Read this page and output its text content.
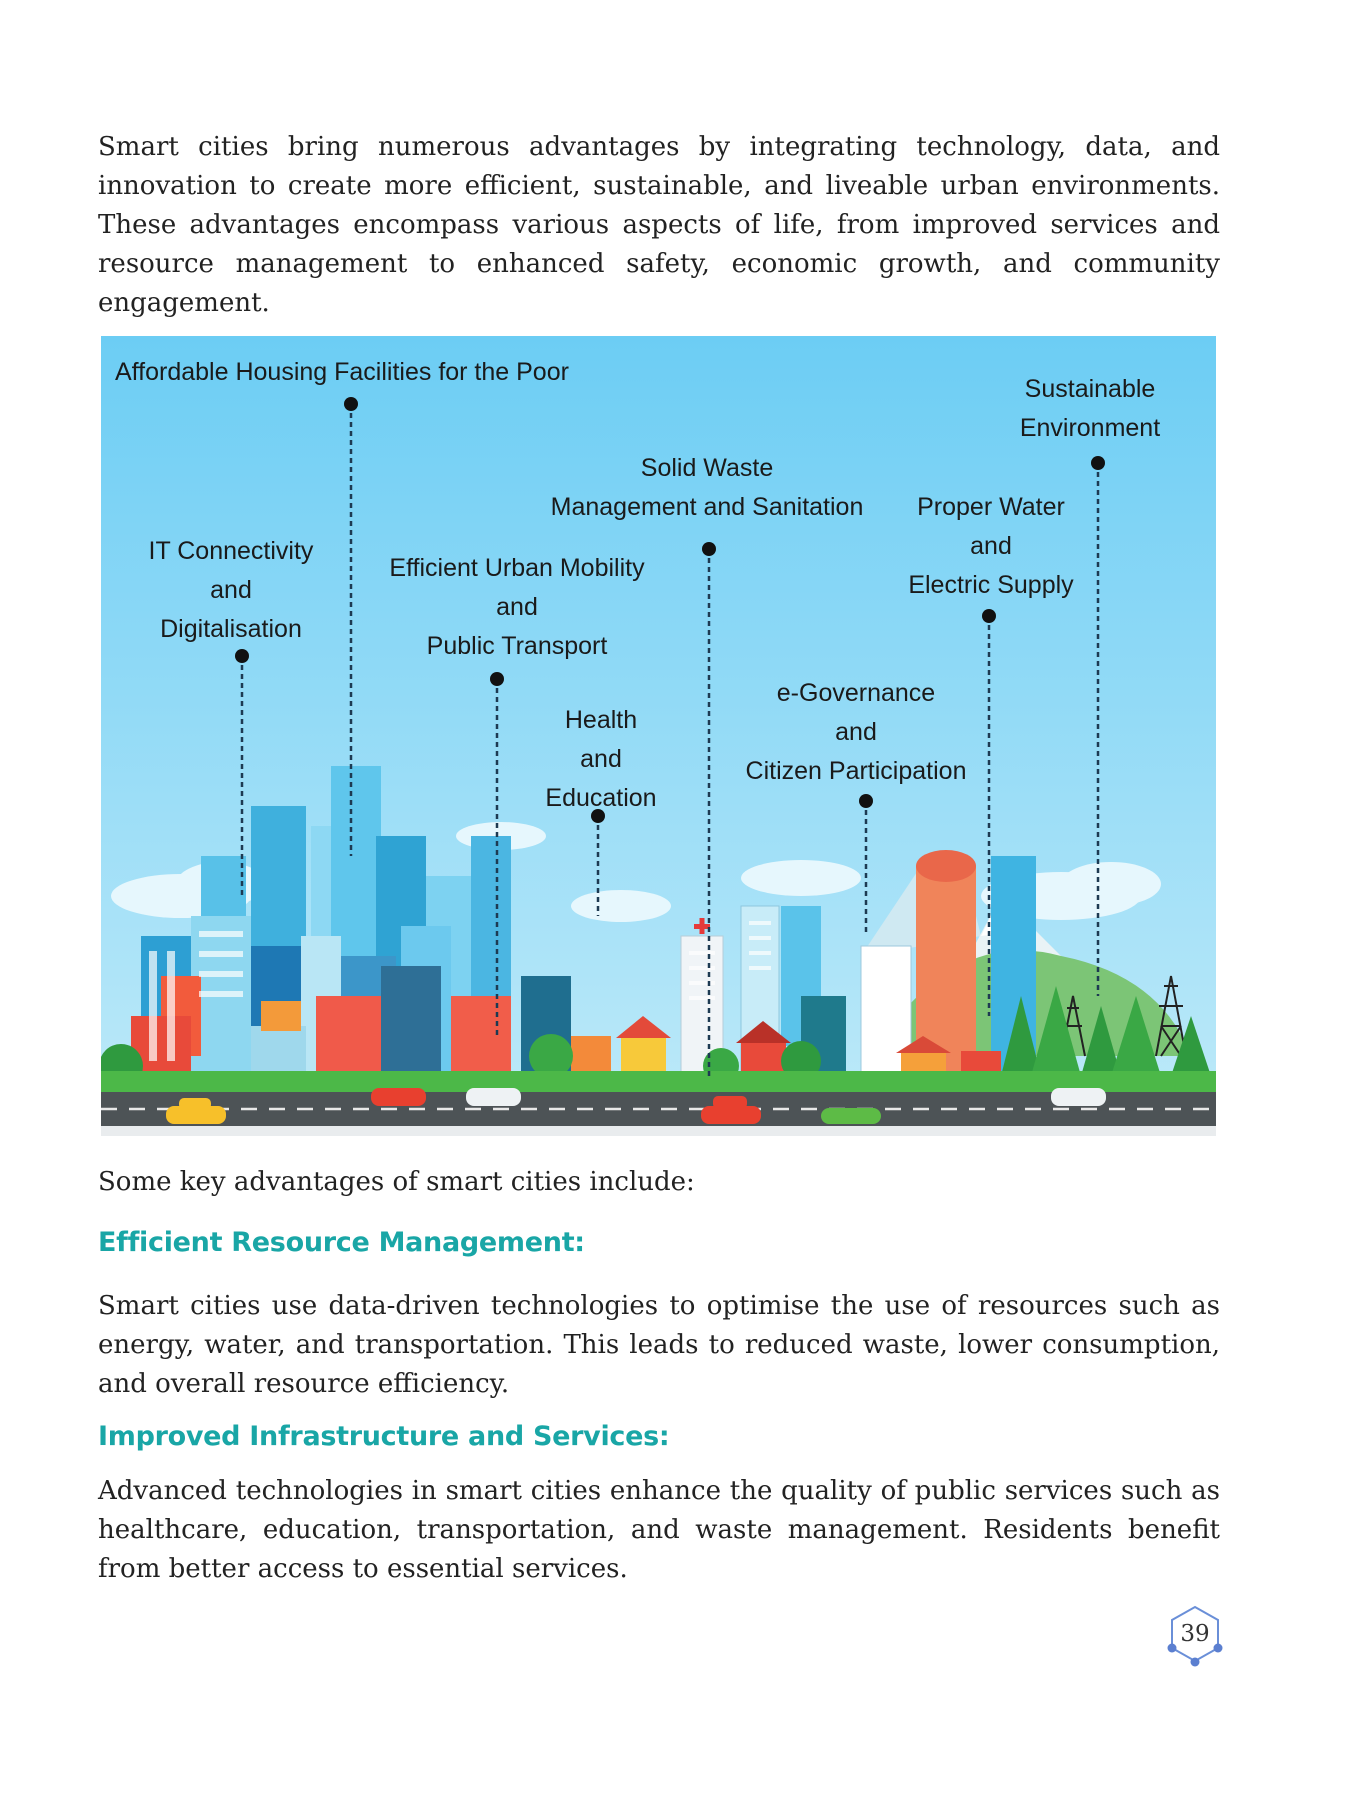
Smart cities bring numerous advantages by integrating technology, data, and innovation to create more efficient, sustainable, and liveable urban environments. These advantages encompass various aspects of life, from improved services and resource management to enhanced safety, economic growth, and community engagement.

Affordable Housing Facilities for the Poor
Sustainable
Environment
Solid Waste
Management and Sanitation Proper Water
and
Electric Supply
IT Connectivity
and
Digitalisation
Efficient Urban Mobility
and
Public Transport
Health
and
Education
e-Governance
and
Citizen Participation

Some key advantages of smart cities include:

Efficient Resource Management:

Smart cities use data-driven technologies to optimise the use of resources such as energy, water, and transportation. This leads to reduced waste, lower consumption, and overall resource efficiency.

Improved Infrastructure and Services:

Advanced technologies in smart cities enhance the quality of public services such as healthcare, education, transportation, and waste management. Residents benefit from better access to essential services.

39
